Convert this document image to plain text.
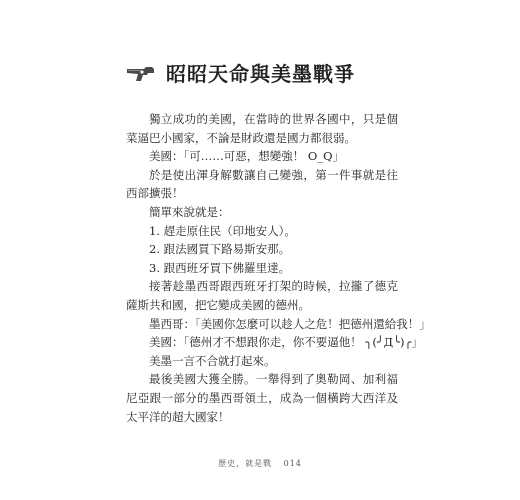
昭昭天命與美墨戰爭

獨立成功的美國，在當時的世界各國中，只是個菜逼巴小國家，不論是財政還是國力都很弱。

美國：「可……可惡，想變強！ O_Q」

於是使出渾身解數讓自己變強，第一件事就是往西部擴張！

簡單來說就是：

1. 趕走原住民（印地安人）。

2. 跟法國買下路易斯安那。

3. 跟西班牙買下佛羅里達。

接著趁墨西哥跟西班牙打架的時候，拉攏了德克薩斯共和國，把它變成美國的德州。

墨西哥：「美國你怎麼可以趁人之危！把德州還給我！」

美國：「德州才不想跟你走，你不要逼他！ ╮(╯Д╰)╭」

美墨一言不合就打起來。

最後美國大獲全勝。一舉得到了奧勒岡、加利福尼亞跟一部分的墨西哥領土，成為一個橫跨大西洋及太平洋的超大國家！

歷史，就是戰 014
